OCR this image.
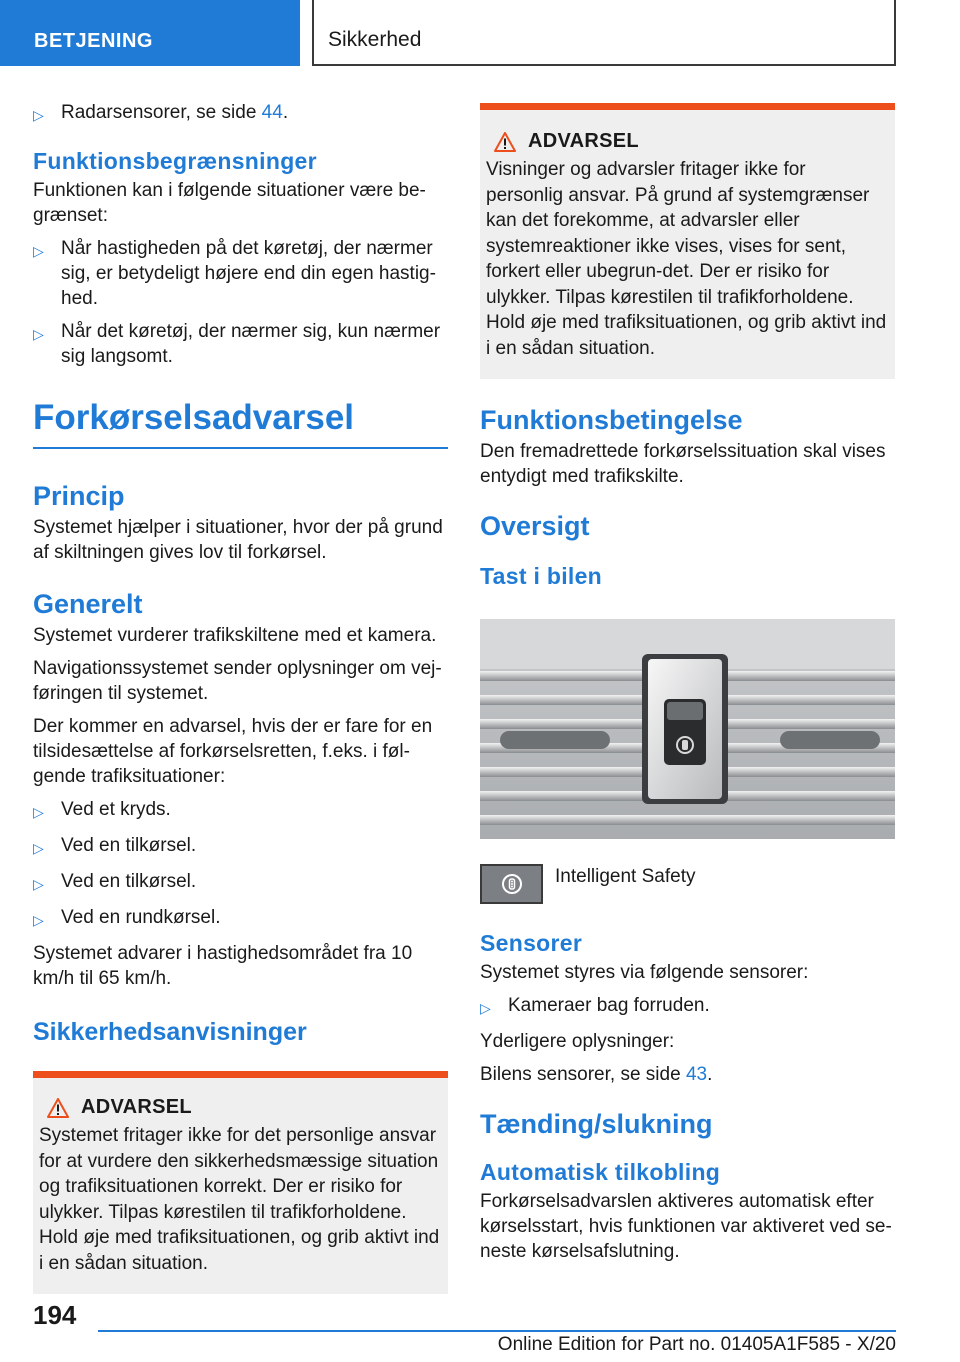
BETJENING	Sikkerhed
▷ Radarsensorer, se side 44.
Funktionsbegrænsninger

Funktionen kan i følgende situationer være be-grænset:

▷ Når hastigheden på det køretøj, der nærmer sig, er betydeligt højere end din egen hastig-hed.
▷ Når det køretøj, der nærmer sig, kun nærmer sig langsomt.
Forkørselsadvarsel
Princip

Systemet hjælper i situationer, hvor der på grund af skiltningen gives lov til forkørsel.

Generelt

Systemet vurderer trafikskiltene med et kamera.

Navigationssystemet sender oplysninger om vej-føringen til systemet.

Der kommer en advarsel, hvis der er fare for en tilsidesættelse af forkørselsretten, f.eks. i føl-gende trafiksituationer:

▷ Ved et kryds.
▷ Ved en tilkørsel.
▷ Ved en tilkørsel.
▷ Ved en rundkørsel.

Systemet advarer i hastighedsområdet fra 10 km/h til 65 km/h.

Sikkerhedsanvisninger
ADVARSEL
Systemet fritager ikke for det personlige ansvar for at vurdere den sikkerhedsmæssige situation og trafiksituationen korrekt. Der er risiko for ulykker. Tilpas kørestilen til trafikforholdene. Hold øje med trafiksituationen, og grib aktivt ind i en sådan situation.
ADVARSEL
Visninger og advarsler fritager ikke for personlig ansvar. På grund af systemgrænser kan det forekomme, at advarsler eller systemreaktioner ikke vises, vises for sent, forkert eller ubegrun-det. Der er risiko for ulykker. Tilpas kørestilen til trafikforholdene. Hold øje med trafiksituationen, og grib aktivt ind i en sådan situation.
Funktionsbetingelse

Den fremadrettede forkørselssituation skal vises entydigt med trafikskilte.

Oversigt
Tast i bilen
Intelligent Safety
Sensorer

Systemet styres via følgende sensorer:

▷ Kameraer bag forruden.

Yderligere oplysninger:

Bilens sensorer, se side 43.

Tænding/slukning
Automatisk tilkobling

Forkørselsadvarslen aktiveres automatisk efter kørselsstart, hvis funktionen var aktiveret ved se-neste kørselsafslutning.

194
Online Edition for Part no. 01405A1F585 - X/20
